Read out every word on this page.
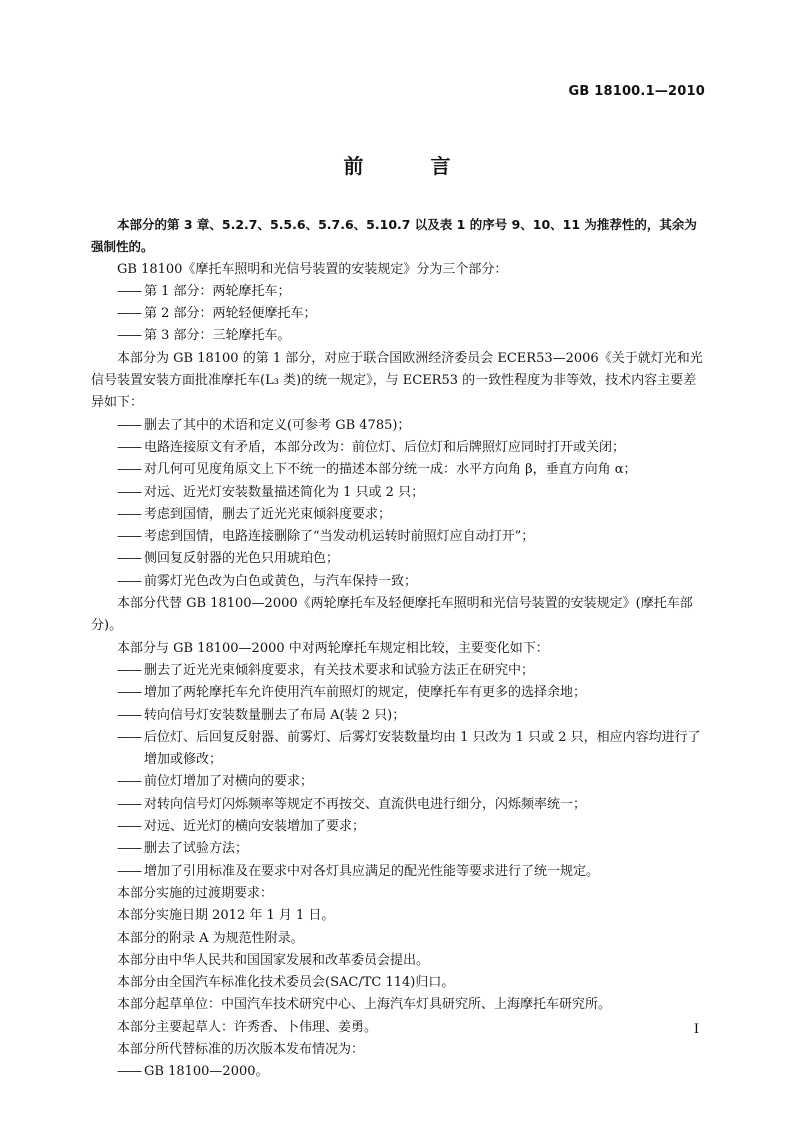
GB 18100.1—2010
前 言

本部分的第 3 章、5.2.7、5.5.6、5.7.6、5.10.7 以及表 1 的序号 9、10、11 为推荐性的，其余为强制性的。

GB 18100《摩托车照明和光信号装置的安装规定》分为三个部分：

—— 第 1 部分：两轮摩托车；

—— 第 2 部分：两轮轻便摩托车；

—— 第 3 部分：三轮摩托车。

本部分为 GB 18100 的第 1 部分，对应于联合国欧洲经济委员会 ECER53—2006《关于就灯光和光信号装置安装方面批准摩托车(L₃ 类)的统一规定》，与 ECER53 的一致性程度为非等效，技术内容主要差异如下：

—— 删去了其中的术语和定义(可参考 GB 4785)；

—— 电路连接原文有矛盾，本部分改为：前位灯、后位灯和后牌照灯应同时打开或关闭；

—— 对几何可见度角原文上下不统一的描述本部分统一成：水平方向角 β，垂直方向角 α；

—— 对远、近光灯安装数量描述简化为 1 只或 2 只；

—— 考虑到国情，删去了近光光束倾斜度要求；

—— 考虑到国情，电路连接删除了“当发动机运转时前照灯应自动打开”；

—— 侧回复反射器的光色只用琥珀色；

—— 前雾灯光色改为白色或黄色，与汽车保持一致；

本部分代替 GB 18100—2000《两轮摩托车及轻便摩托车照明和光信号装置的安装规定》(摩托车部分)。

本部分与 GB 18100—2000 中对两轮摩托车规定相比较，主要变化如下：

—— 删去了近光光束倾斜度要求，有关技术要求和试验方法正在研究中；

—— 增加了两轮摩托车允许使用汽车前照灯的规定，使摩托车有更多的选择余地；

—— 转向信号灯安装数量删去了布局 A(装 2 只)；

—— 后位灯、后回复反射器、前雾灯、后雾灯安装数量均由 1 只改为 1 只或 2 只，相应内容均进行了增加或修改；

—— 前位灯增加了对横向的要求；

—— 对转向信号灯闪烁频率等规定不再按交、直流供电进行细分，闪烁频率统一；

—— 对远、近光灯的横向安装增加了要求；

—— 删去了试验方法；

—— 增加了引用标准及在要求中对各灯具应满足的配光性能等要求进行了统一规定。

本部分实施的过渡期要求：

本部分实施日期 2012 年 1 月 1 日。

本部分的附录 A 为规范性附录。

本部分由中华人民共和国国家发展和改革委员会提出。

本部分由全国汽车标准化技术委员会(SAC/TC 114)归口。

本部分起草单位：中国汽车技术研究中心、上海汽车灯具研究所、上海摩托车研究所。

本部分主要起草人：许秀香、卜伟理、姜勇。

本部分所代替标准的历次版本发布情况为：

—— GB 18100—2000。

I
